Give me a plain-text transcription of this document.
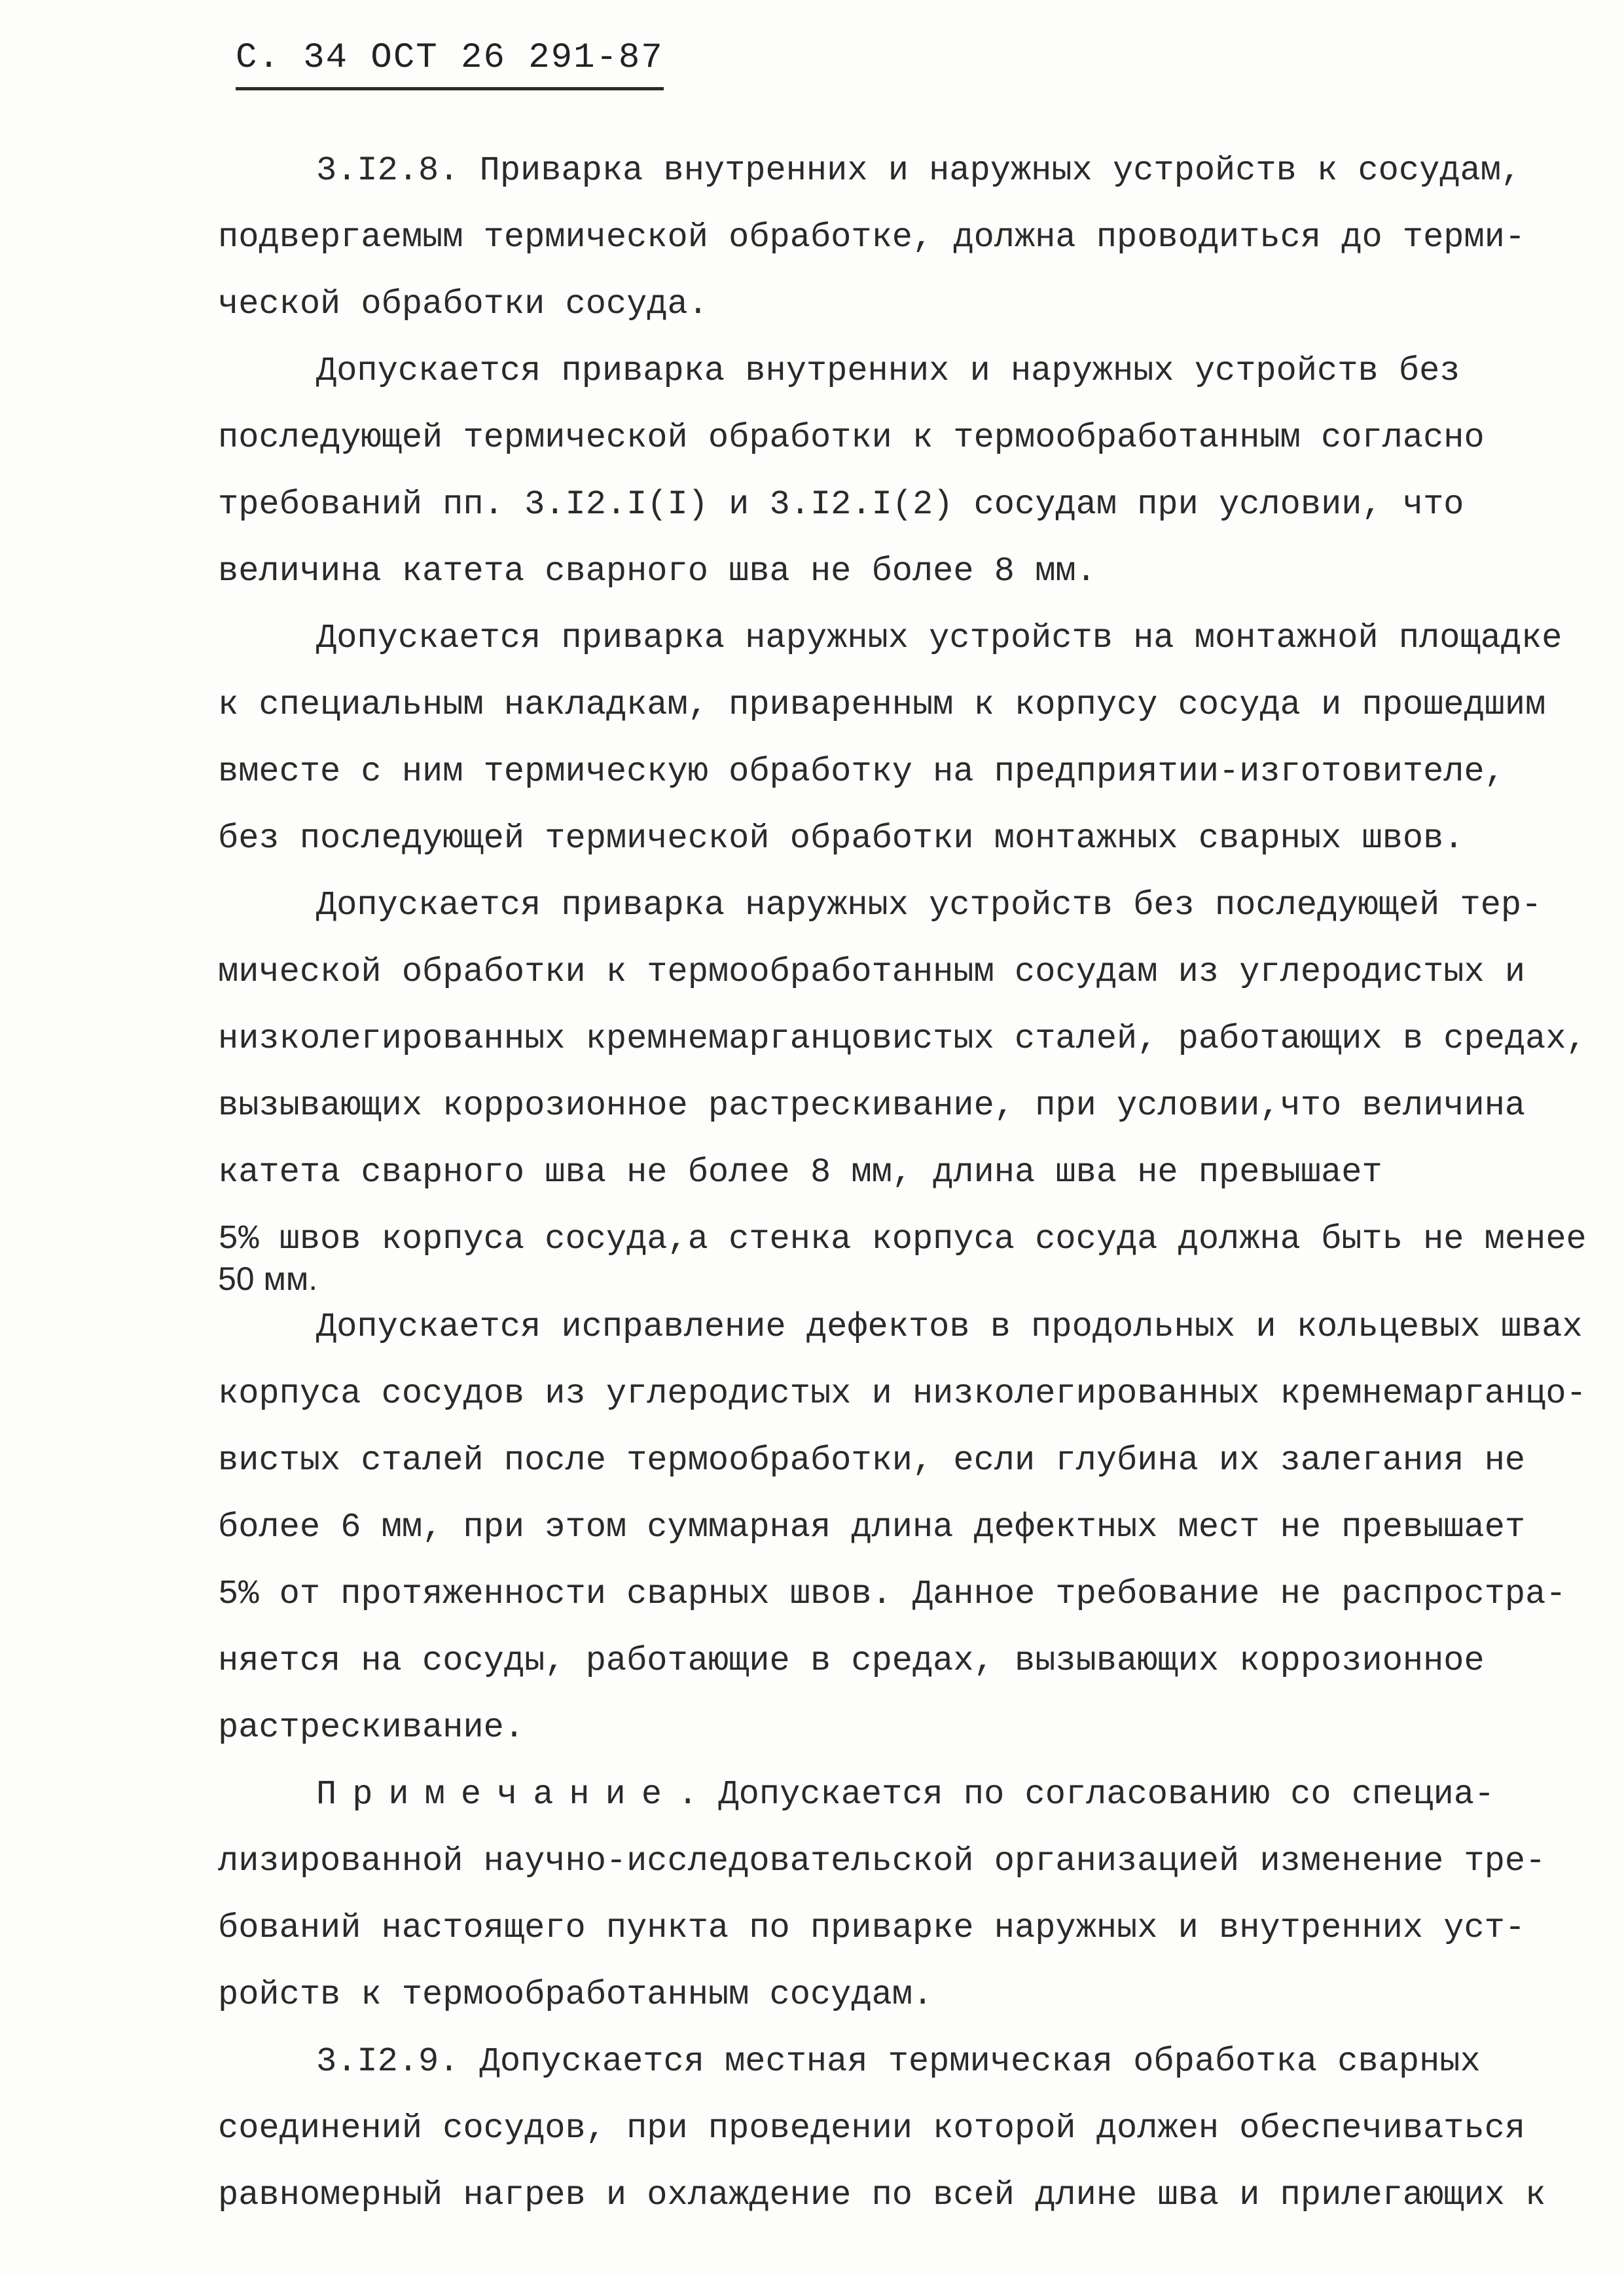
С. 34 ОСТ 26 291-87
3.I2.8. Приварка внутренних и наружных устройств к сосудам,
подвергаемым термической обработке, должна проводиться до терми-
ческой обработки сосуда.
Допускается приварка внутренних и наружных устройств без
последующей термической обработки к термообработанным согласно
требований пп. 3.I2.I(I) и 3.I2.I(2) сосудам при условии, что
величина катета сварного шва не более 8 мм.
Допускается приварка наружных устройств на монтажной площадке
к специальным накладкам, приваренным к корпусу сосуда и прошедшим
вместе с ним термическую обработку на предприятии-изготовителе,
без последующей термической обработки монтажных сварных швов.
Допускается приварка наружных устройств без последующей тер-
мической обработки к термообработанным сосудам из углеродистых и
низколегированных кремнемарганцовистых сталей, работающих в средах,
вызывающих коррозионное растрескивание, при условии,что величина
катета сварного шва не более 8 мм, длина шва не превышает
5% швов корпуса сосуда,а стенка корпуса сосуда должна быть не менее
50 мм.
Допускается исправление дефектов в продольных и кольцевых швах
корпуса сосудов из углеродистых и низколегированных кремнемарганцо-
вистых сталей после термообработки, если глубина их залегания не
более 6 мм, при этом суммарная длина дефектных мест не превышает
5% от протяженности сварных швов. Данное требование не распростра-
няется на сосуды, работающие в средах, вызывающих коррозионное
растрескивание.
Примечание. Допускается по согласованию со специа-
лизированной научно-исследовательской организацией изменение тре-
бований настоящего пункта по приварке наружных и внутренних уст-
ройств к термообработанным сосудам.
3.I2.9. Допускается местная термическая обработка сварных
соединений сосудов, при проведении которой должен обеспечиваться
равномерный нагрев и охлаждение по всей длине шва и прилегающих к
